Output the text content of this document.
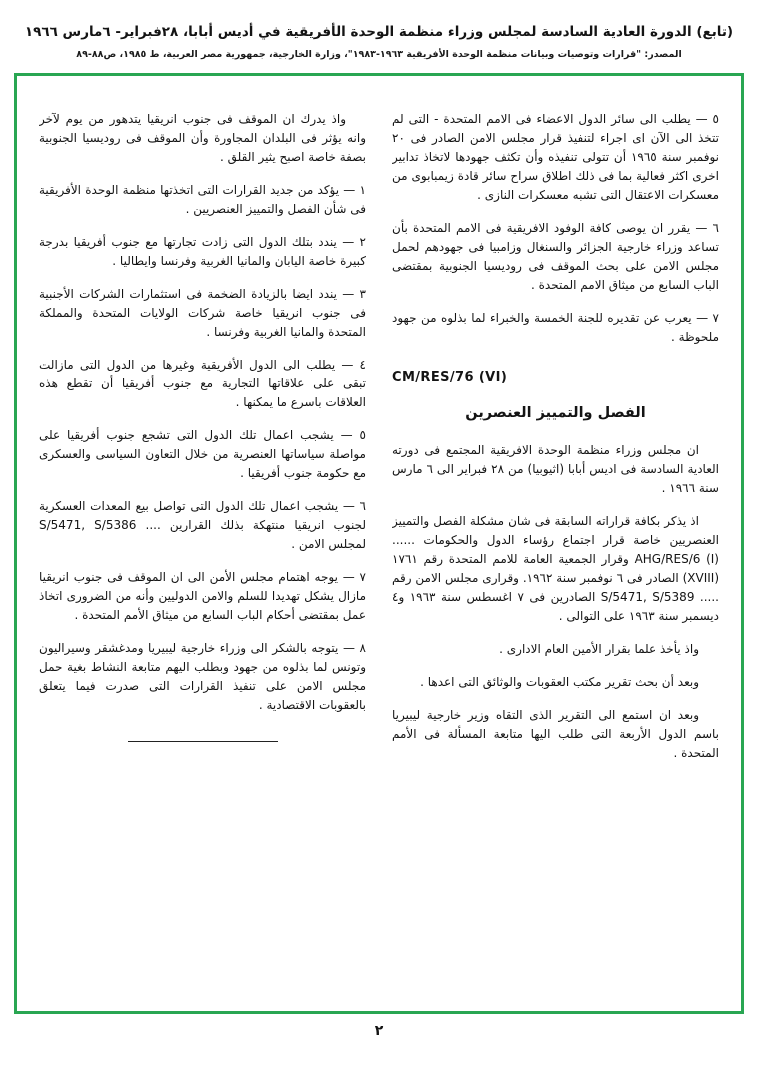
(تابع) الدورة العادية السادسة لمجلس وزراء منظمة الوحدة الأفريقية في أديس أبابا، ٢٨فبراير- ٦مارس ١٩٦٦
المصدر: "قرارات وتوصيات وبيانات منظمة الوحدة الأفريقية ١٩٦٣-١٩٨٣"، وزارة الخارجية، جمهورية مصر العربية، ط ١٩٨٥، ص٨٨-٨٩

٥ — يطلب الى سائر الدول الاعضاء فى الامم المتحدة - التى لم تتخذ الى الآن اى اجراء لتنفيذ قرار مجلس الامن الصادر فى ٢٠ نوفمبر سنة ١٩٦٥ أن تتولى تنفيذه وأن تكثف جهودها لاتخاذ تدابير اخرى اكثر فعالية بما فى ذلك اطلاق سراح سائر قادة زيمبابوى من معسكرات الاعتقال التى تشبه معسكرات النازى .

٦ — يقرر ان يوصى كافة الوفود الافريقية فى الامم المتحدة بأن تساعد وزراء خارجية الجزائر والسنغال وزامبيا فى جهودهم لحمل مجلس الامن على بحث الموقف فى روديسيا الجنوبية بمقتضى الباب السابع من ميثاق الامم المتحدة .

٧ — يعرب عن تقديره للجنة الخمسة والخبراء لما بذلوه من جهود ملحوظة .

CM/RES/76 (VI)
الفصل والتمييز العنصرين

ان مجلس وزراء منظمة الوحدة الافريقية المجتمع فى دورته العادية السادسة فى اديس أبابا (اثيوبيا) من ٢٨ فبراير الى ٦ مارس سنة ١٩٦٦ .

اذ يذكر بكافة قراراته السابقة فى شان مشكلة الفصل والتمييز العنصريين خاصة قرار اجتماع رؤساء الدول والحكومات ...... AHG/RES/6 (I) وقرار الجمعية العامة للامم المتحدة رقم ١٧٦١ (XVIII) الصادر فى ٦ نوفمبر سنة ١٩٦٢. وقرارى مجلس الامن رقم ..... S/5471, S/5389 الصادرين فى ٧ اغسطس سنة ١٩٦٣ و٤ ديسمبر سنة ١٩٦٣ على التوالى .

واذ يأخذ علما بقرار الأمين العام الادارى .

وبعد أن بحث تقرير مكتب العقوبات والوثائق التى اعدها .

وبعد ان استمع الى التقرير الذى التقاه وزير خارجية ليبيريا باسم الدول الأربعة التى طلب اليها متابعة المسألة فى الأمم المتحدة .

واذ يدرك ان الموقف فى جنوب انريقيا يتدهور من يوم لآخر وانه يؤثر فى البلدان المجاورة وأن الموقف فى روديسيا الجنوبية بصفة خاصة اصبح يثير القلق .

١ — يؤكد من جديد القرارات التى اتخذتها منظمة الوحدة الأفريقية فى شأن الفصل والتمييز العنصريين .

٢ — يندد بتلك الدول التى زادت تجارتها مع جنوب أفريقيا بدرجة كبيرة خاصة اليابان والمانيا الغربية وفرنسا وايطاليا .

٣ — يندد ايضا بالزيادة الضخمة فى استثمارات الشركات الأجنبية فى جنوب انريقيا خاصة شركات الولايات المتحدة والمملكة المتحدة والمانيا الغربية وفرنسا .

٤ — يطلب الى الدول الأفريقية وغيرها من الدول التى مازالت تبقى على علاقاتها التجارية مع جنوب أفريقيا أن تقطع هذه العلاقات باسرع ما يمكنها .

٥ — يشجب اعمال تلك الدول التى تشجع جنوب أفريقيا على مواصلة سياساتها العنصرية من خلال التعاون السياسى والعسكرى مع حكومة جنوب أفريقيا .

٦ — يشجب اعمال تلك الدول التى تواصل بيع المعدات العسكرية لجنوب انريقيا منتهكة بذلك القرارين .... S/5471, S/5386 لمجلس الامن .

٧ — يوجه اهتمام مجلس الأمن الى ان الموقف فى جنوب انريقيا مازال يشكل تهديدا للسلم والامن الدوليين وأنه من الضرورى اتخاذ عمل بمقتضى أحكام الباب السابع من ميثاق الأمم المتحدة .

٨ — يتوجه بالشكر الى وزراء خارجية ليبيريا ومدغشقر وسيراليون وتونس لما بذلوه من جهود وبطلب اليهم متابعة النشاط بغية حمل مجلس الامن على تنفيذ القرارات التى صدرت فيما يتعلق بالعقوبات الاقتصادية .

٢
